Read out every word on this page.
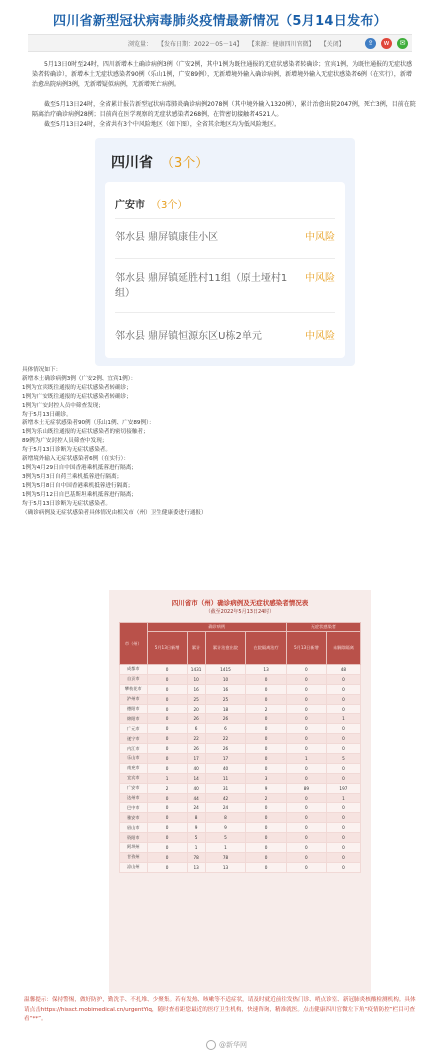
四川省新型冠状病毒肺炎疫情最新情况（5月14日发布）
浏览量： 【发布日期：2022－05－14】 【来源：健康四川官微】 【关闭】	⇪	w	✉
5月13日0时至24时，四川新增本土确诊病例3例（广安2例，其中1例为既往通报的无症状感染者转确诊；宜宾1例，为既往通报的无症状感染者转确诊），新增本土无症状感染者90例（乐山1例，广安89例），无新增境外输入确诊病例，新增境外输入无症状感染者6例（在实行），新增治愈出院病例3例，无新增疑似病例，无新增死亡病例。
截至5月13日24时，全省累计报告新型冠状病毒肺炎确诊病例2078例（其中境外输入1320例），累计治愈出院2047例，死亡3例，目前在院隔离治疗确诊病例28例；目前尚在医学观察的无症状感染者268例，在管密切接触者4521人。
截至5月13日24时，全省共有3个中风险地区（如下图），全省其余地区均为低风险地区。
四川省 （3个）
广安市 （3个）
邻水县 鼎屏镇康佳小区	中风险
邻水县 鼎屏镇延胜村11组（原土垭村1组）
中风险
邻水县 鼎屏镇恒源东区U栋2单元	中风险
具体情况如下：
新增本土确诊病例3例（广安2例、宜宾1例）：
1例为宜宾既往通报的无症状感染者转确诊；
1例为广安既往通报的无症状感染者转确诊；
1例为广安封控人员中筛查发现；
均于5月13日确诊。
新增本土无症状感染者90例（乐山1例、广安89例）：
1例为乐山既往通报的无症状感染者的密切接触者；
89例为广安封控人员筛查中发现；
均于5月13日诊断为无症状感染者。
新增境外输入无症状感染者6例（在实行）：
1例为4月29日自中国香港乘机抵蓉进行隔离；
3例为5月3日自荷兰乘机抵蓉进行隔离；
1例为5月8日自中国香港乘机抵蓉进行隔离；
1例为5月12日自巴基斯坦乘机抵蓉进行隔离；
均于5月13日诊断为无症状感染者。
（确诊病例及无症状感染者具体情况由相关市（州）卫生健康委进行通报）
四川省市（州）确诊病例及无症状感染者情况表
（截至2022年5月13日24时）
市（州）	确诊病例				无症状感染者	
	5月13日新增	累计	累计治愈出院	在院隔离治疗	5月13日新增	未解除隔离
成都市	0	1431	1415	13	0	48
自贡市	0	10	10	0	0	0
攀枝花市	0	16	16	0	0	0
泸州市	0	25	25	0	0	0
德阳市	0	20	18	2	0	0
绵阳市	0	26	26	0	0	1
广元市	0	6	6	0	0	0
遂宁市	0	22	22	0	0	0
内江市	0	26	26	0	0	0
乐山市	0	17	17	0	1	5
南充市	0	40	40	0	0	0
宜宾市	1	14	11	3	0	0
广安市	2	40	31	9	89	197
达州市	0	44	42	2	0	1
巴中市	0	24	24	0	0	0
雅安市	0	8	8	0	0	0
眉山市	0	9	9	0	0	0
资阳市	0	5	5	0	0	0
阿坝州	0	1	1	0	0	0
甘孜州	0	78	78	0	0	0
凉山州	0	13	13	0	0	0
温馨提示：保持警惕，做好防护，勤洗手、不扎堆、少聚集。若有发热、咳嗽等不适症状，请及时就近前往发热门诊、哨点诊室、新冠肺炎核酸检测机构。具体请点击https://hissct.mobimedical.cn/urgentYiq，随时查看距您最近的医疗卫生机构，快速咨询，精准就医。点击健康四川官微左下角“疫情防控”栏目可查看“**”。
@新华网
